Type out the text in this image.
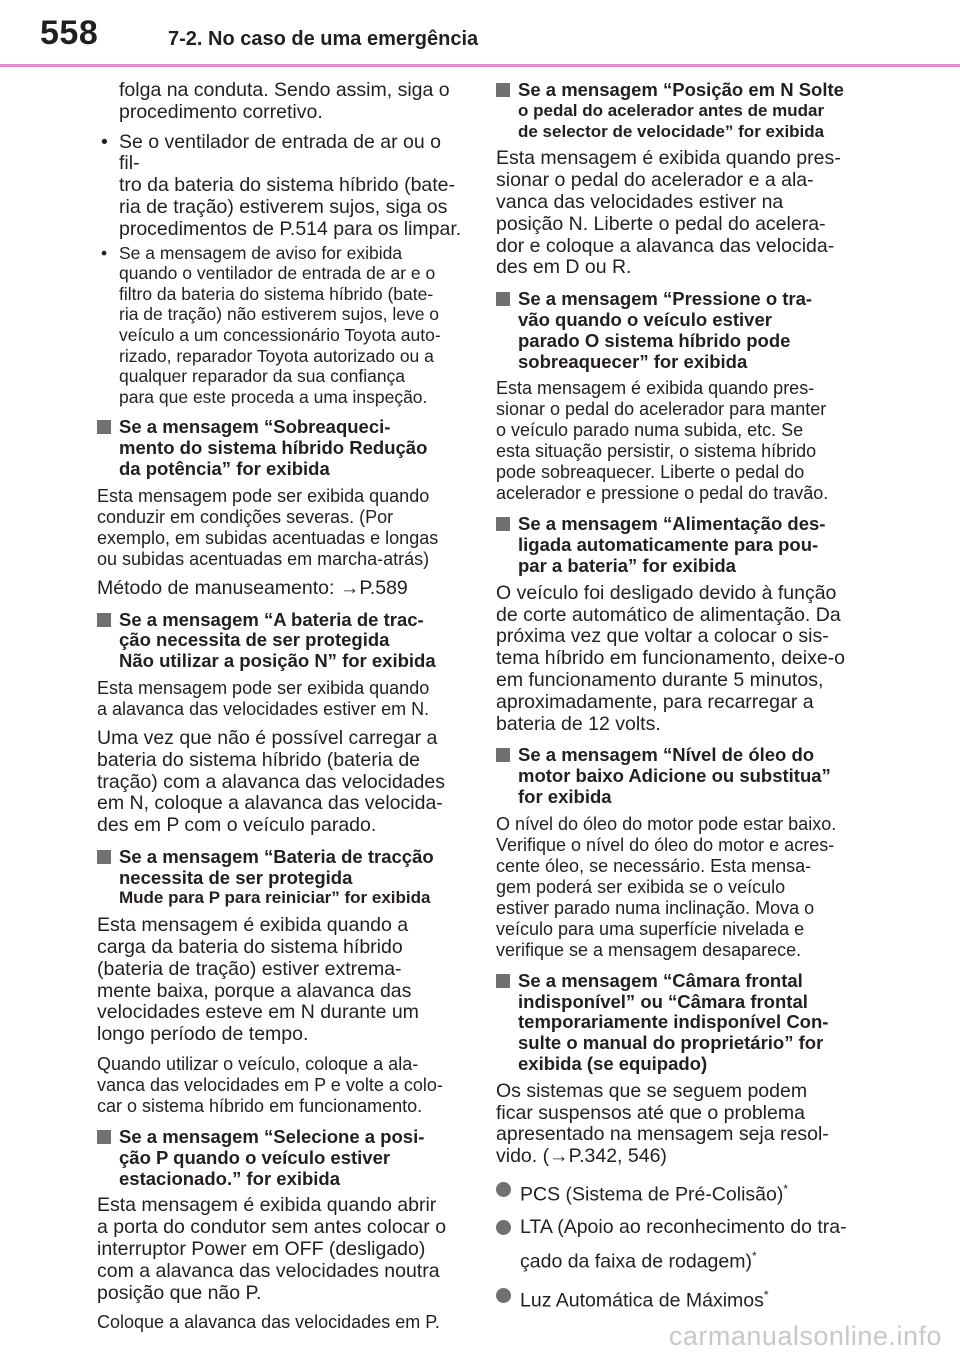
558	7-2. No caso de uma emergência
folga na conduta. Sendo assim, siga o
procedimento corretivo.
• Se o ventilador de entrada de ar ou o fil-
tro da bateria do sistema híbrido (bate-
ria de tração) estiverem sujos, siga os
procedimentos de P.514 para os limpar.
• Se a mensagem de aviso for exibida
quando o ventilador de entrada de ar e o
filtro da bateria do sistema híbrido (bate-
ria de tração) não estiverem sujos, leve o
veículo a um concessionário Toyota auto-
rizado, reparador Toyota autorizado ou a
qualquer reparador da sua confiança
para que este proceda a uma inspeção.
Se a mensagem “Sobreaqueci-
mento do sistema híbrido Redução
da potência” for exibida
Esta mensagem pode ser exibida quando
conduzir em condições severas. (Por
exemplo, em subidas acentuadas e longas
ou subidas acentuadas em marcha-atrás)
Método de manuseamento: →P.589
Se a mensagem “A bateria de trac-
ção necessita de ser protegida
Não utilizar a posição N” for exibida
Esta mensagem pode ser exibida quando
a alavanca das velocidades estiver em N.
Uma vez que não é possível carregar a
bateria do sistema híbrido (bateria de
tração) com a alavanca das velocidades
em N, coloque a alavanca das velocida-
des em P com o veículo parado.
Se a mensagem “Bateria de tracção
necessita de ser protegida
Mude para P para reiniciar” for exibida
Esta mensagem é exibida quando a
carga da bateria do sistema híbrido
(bateria de tração) estiver extrema-
mente baixa, porque a alavanca das
velocidades esteve em N durante um
longo período de tempo.
Quando utilizar o veículo, coloque a ala-
vanca das velocidades em P e volte a colo-
car o sistema híbrido em funcionamento.
Se a mensagem “Selecione a posi-
ção P quando o veículo estiver
estacionado.” for exibida
Esta mensagem é exibida quando abrir
a porta do condutor sem antes colocar o
interruptor Power em OFF (desligado)
com a alavanca das velocidades noutra
posição que não P.
Coloque a alavanca das velocidades em P.
Se a mensagem “Posição em N Solte
o pedal do acelerador antes de mudar
de selector de velocidade” for exibida
Esta mensagem é exibida quando pres-
sionar o pedal do acelerador e a ala-
vanca das velocidades estiver na
posição N. Liberte o pedal do acelera-
dor e coloque a alavanca das velocida-
des em D ou R.
Se a mensagem “Pressione o tra-
vão quando o veículo estiver
parado O sistema híbrido pode
sobreaquecer” for exibida
Esta mensagem é exibida quando pres-
sionar o pedal do acelerador para manter
o veículo parado numa subida, etc. Se
esta situação persistir, o sistema híbrido
pode sobreaquecer. Liberte o pedal do
acelerador e pressione o pedal do travão.
Se a mensagem “Alimentação des-
ligada automaticamente para pou-
par a bateria” for exibida
O veículo foi desligado devido à função
de corte automático de alimentação. Da
próxima vez que voltar a colocar o sis-
tema híbrido em funcionamento, deixe-o
em funcionamento durante 5 minutos,
aproximadamente, para recarregar a
bateria de 12 volts.
Se a mensagem “Nível de óleo do
motor baixo Adicione ou substitua”
for exibida
O nível do óleo do motor pode estar baixo.
Verifique o nível do óleo do motor e acres-
cente óleo, se necessário. Esta mensa-
gem poderá ser exibida se o veículo
estiver parado numa inclinação. Mova o
veículo para uma superfície nivelada e
verifique se a mensagem desaparece.
Se a mensagem “Câmara frontal
indisponível” ou “Câmara frontal
temporariamente indisponível Con-
sulte o manual do proprietário” for
exibida (se equipado)
Os sistemas que se seguem podem
ficar suspensos até que o problema
apresentado na mensagem seja resol-
vido. (→P.342, 546)
PCS (Sistema de Pré-Colisão)*
LTA (Apoio ao reconhecimento do tra-
çado da faixa de rodagem)*
Luz Automática de Máximos*
carmanualsonline.info
